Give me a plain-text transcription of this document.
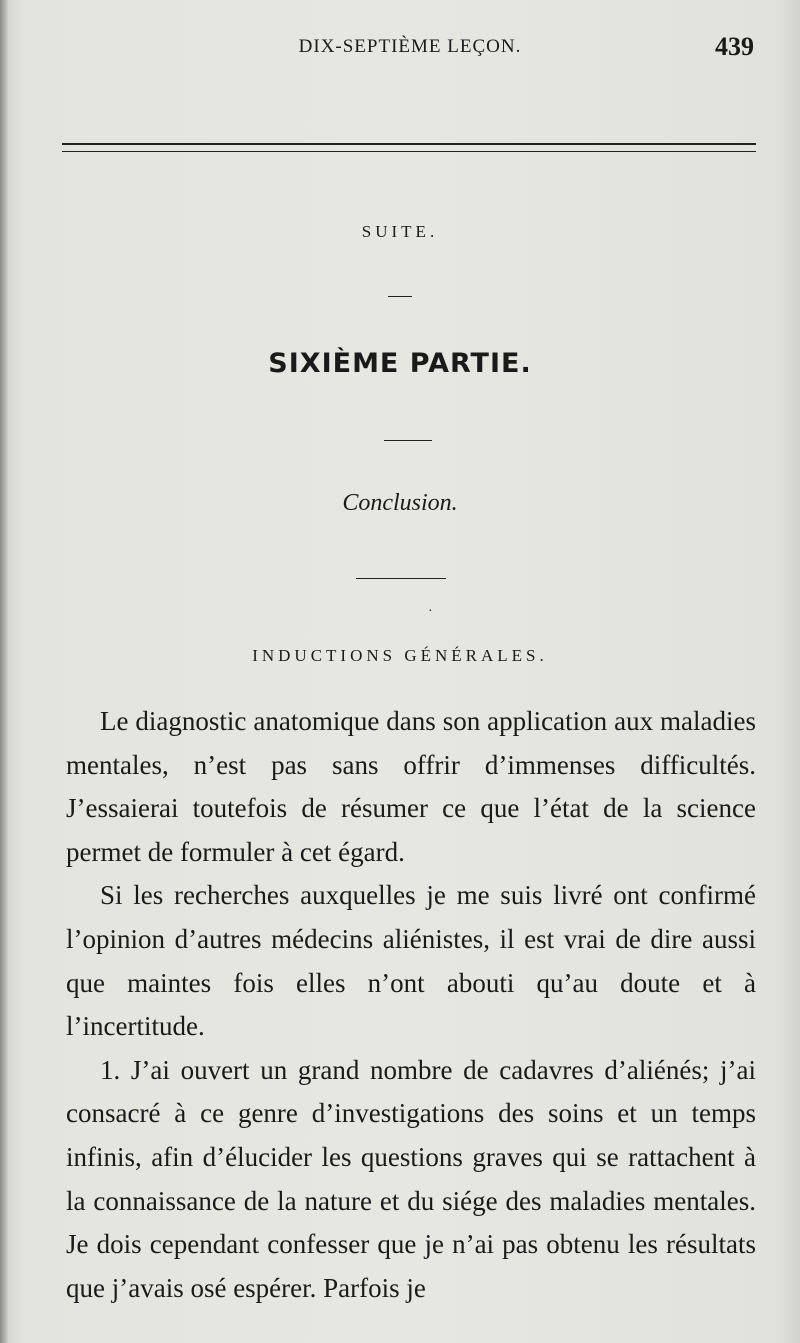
DIX-SEPTIÈME LEÇON.	439
SUITE.
SIXIÈME PARTIE.
Conclusion.
·
INDUCTIONS GÉNÉRALES.

Le diagnostic anatomique dans son application aux maladies mentales, n’est pas sans offrir d’immenses difficultés. J’essaierai toutefois de résumer ce que l’état de la science permet de formuler à cet égard.

Si les recherches auxquelles je me suis livré ont confirmé l’opinion d’autres médecins aliénistes, il est vrai de dire aussi que maintes fois elles n’ont abouti qu’au doute et à l’incertitude.

1. J’ai ouvert un grand nombre de cadavres d’aliénés; j’ai consacré à ce genre d’investigations des soins et un temps infinis, afin d’élucider les questions graves qui se rattachent à la connaissance de la nature et du siége des maladies mentales. Je dois cependant confesser que je n’ai pas obtenu les résultats que j’avais osé espérer. Parfois je
